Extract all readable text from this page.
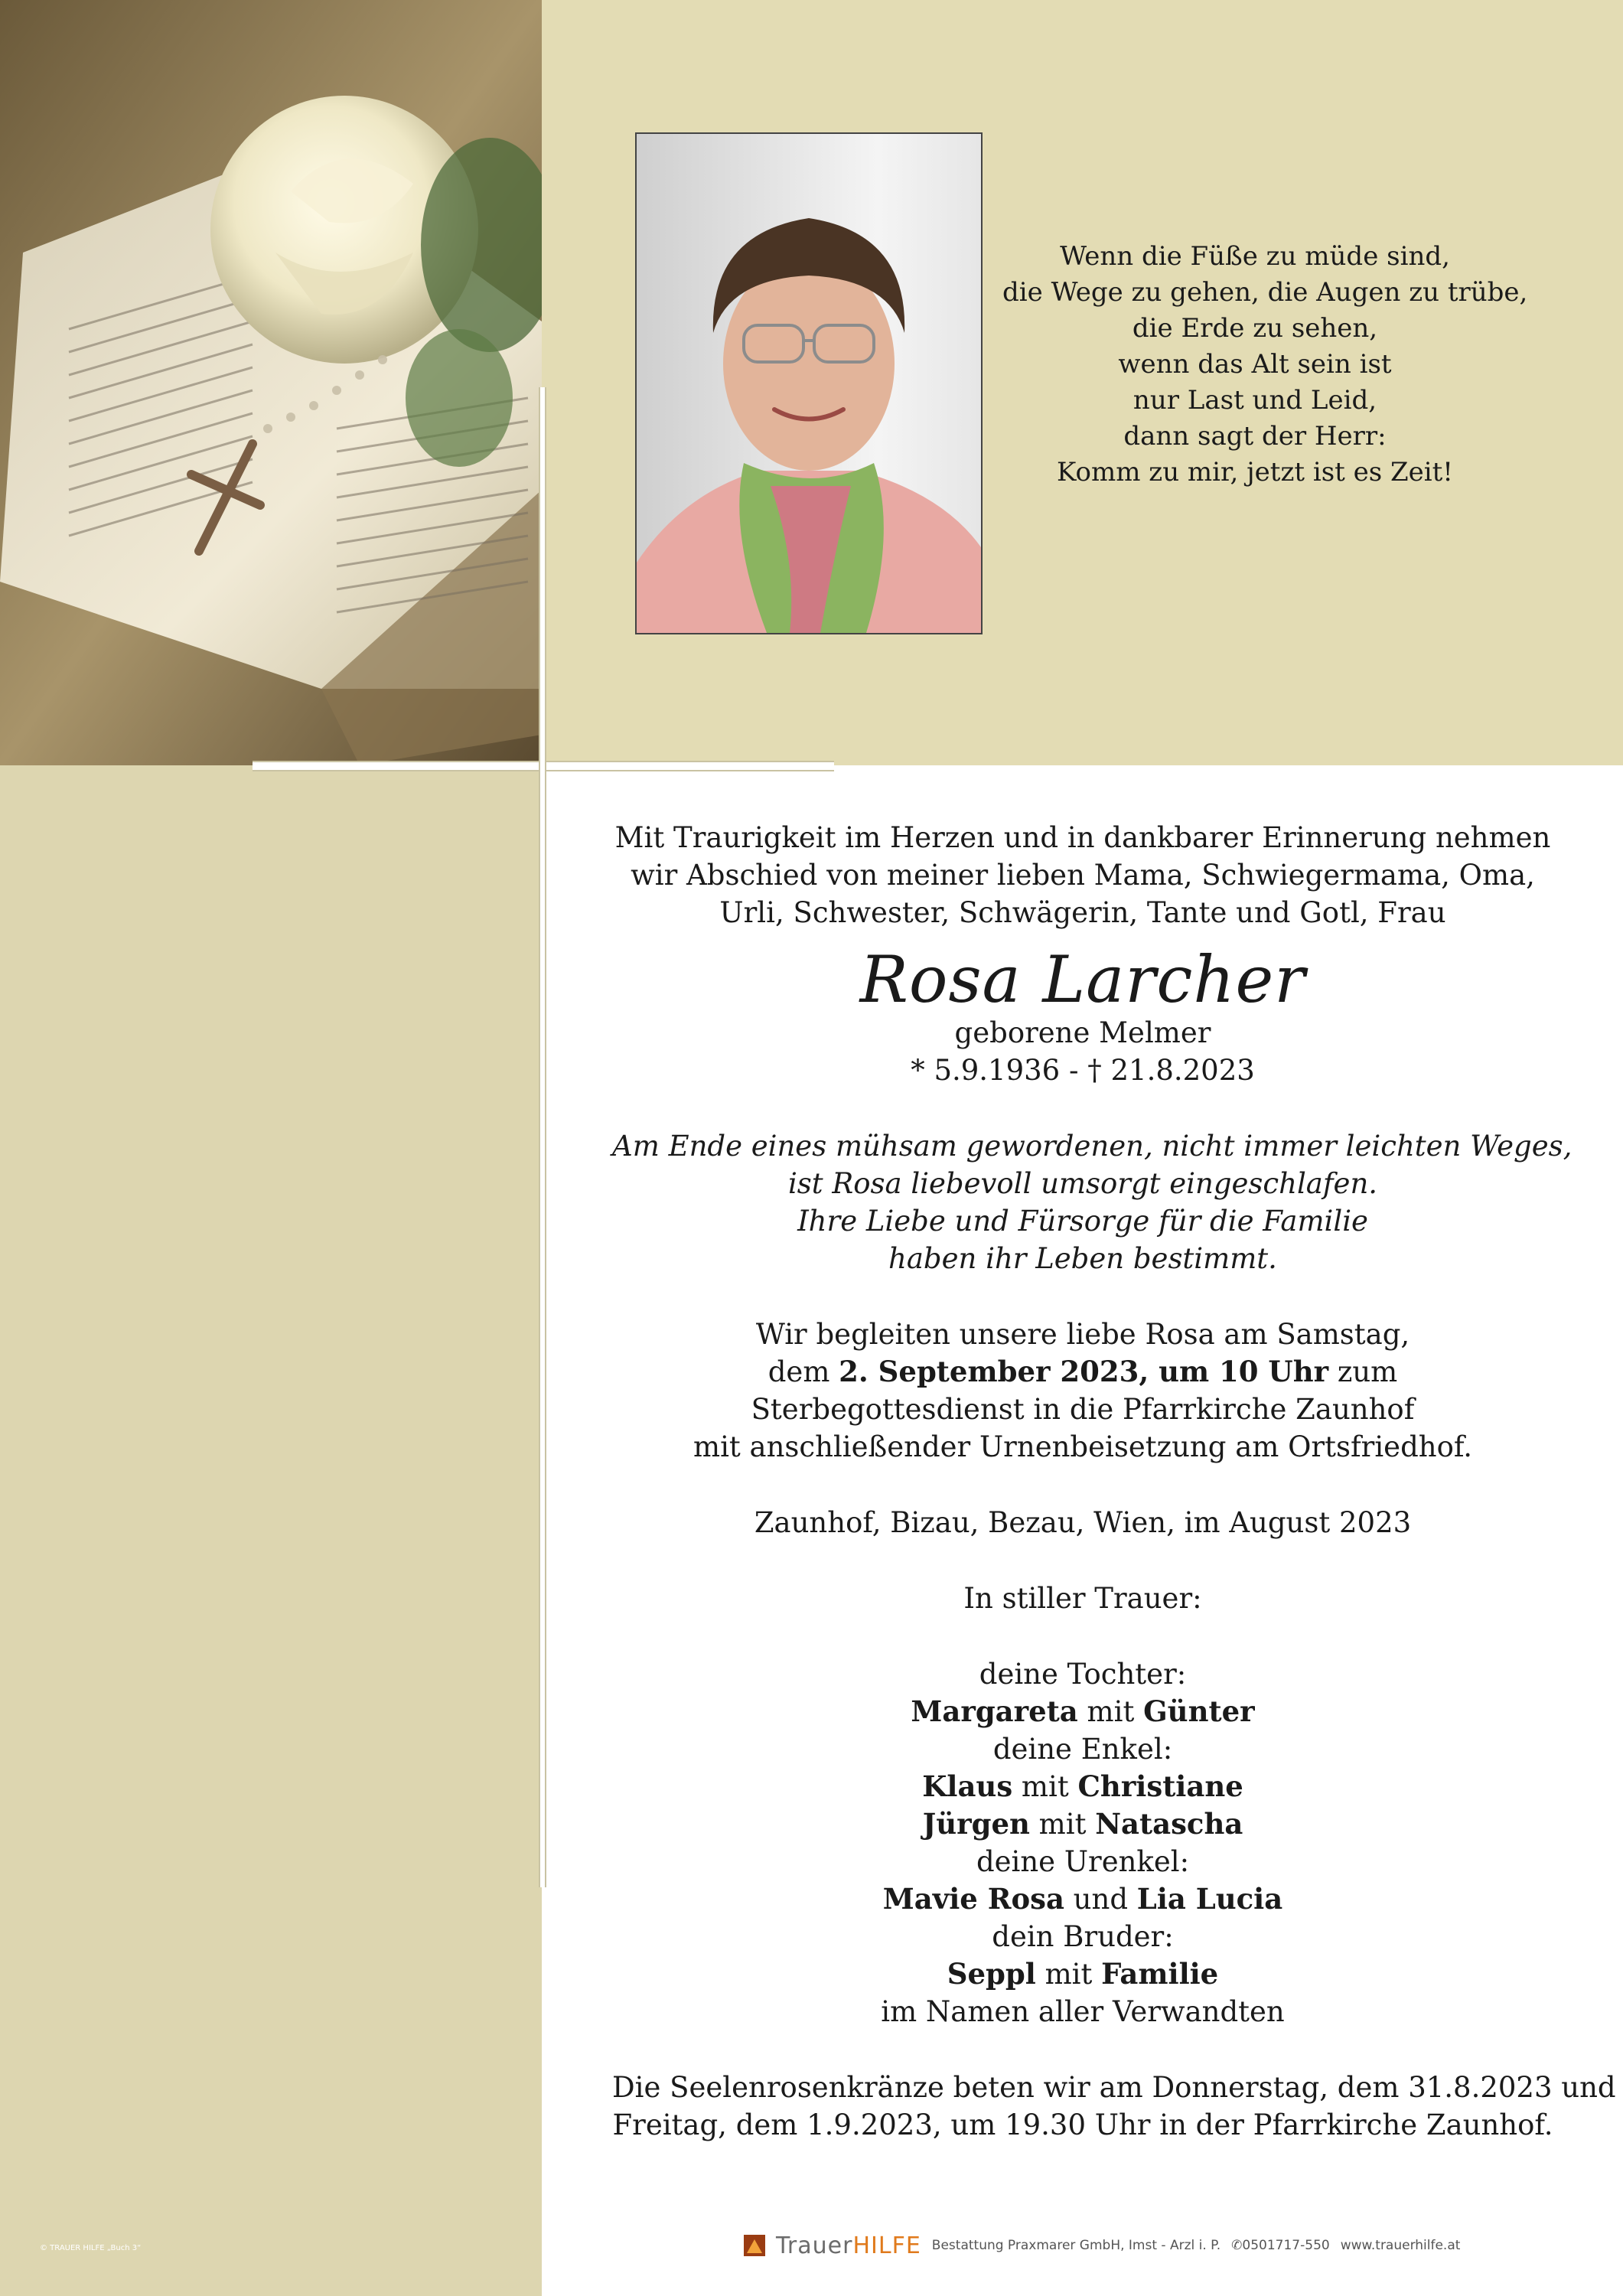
Wenn die Füße zu müde sind,
die Wege zu gehen, die Augen zu trübe,
die Erde zu sehen,
wenn das Alt sein ist
nur Last und Leid,
dann sagt der Herr:
Komm zu mir, jetzt ist es Zeit!
Mit Traurigkeit im Herzen und in dankbarer Erinnerung nehmen
wir Abschied von meiner lieben Mama, Schwiegermama, Oma,
Urli, Schwester, Schwägerin, Tante und Gotl, Frau
Rosa Larcher
geborene Melmer
* 5.9.1936 - † 21.8.2023
Am Ende eines mühsam gewordenen, nicht immer leichten Weges,
ist Rosa liebevoll umsorgt eingeschlafen.
Ihre Liebe und Fürsorge für die Familie
haben ihr Leben bestimmt.
Wir begleiten unsere liebe Rosa am Samstag,
dem 2. September 2023, um 10 Uhr zum
Sterbegottesdienst in die Pfarrkirche Zaunhof
mit anschließender Urnenbeisetzung am Ortsfriedhof.
Zaunhof, Bizau, Bezau, Wien, im August 2023
In stiller Trauer:
deine Tochter:
Margareta mit Günter
deine Enkel:
Klaus mit Christiane
Jürgen mit Natascha
deine Urenkel:
Mavie Rosa und Lia Lucia
dein Bruder:
Seppl mit Familie
im Namen aller Verwandten
Die Seelenrosenkränze beten wir am Donnerstag, dem 31.8.2023 und
Freitag, dem 1.9.2023, um 19.30 Uhr in der Pfarrkirche Zaunhof.
© TRAUER HILFE „Buch 3“	TrauerHILFE Bestattung Praxmarer GmbH, Imst - Arzl i. P. ✆0501717-550 www.trauerhilfe.at
